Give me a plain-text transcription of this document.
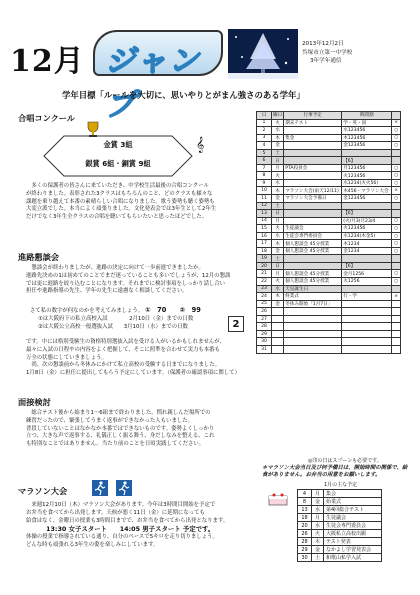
12月 ジャンプ
2013年12月2日
呉塚市立第一中学校
3年学年通信
学年目標「ルールを大切に、思いやりとがまん強さのある学年」
合唱コンクール
金賞 3組
銀賞 6組・銅賞 9組
𝄞
　多くの保護者の皆さんに来ていただき、中学校生活最後の合唱コンクール
が終わりました。表彰された3クラスはもちろんのこと、どのクラスも様々な
課題を乗り越えて本番の素晴らしい合唱になりました。歌う姿勢も聴く姿勢も
大変立派でした。本当によく頑張りました。文化発表会では3年生として2年生
だけでなく3年生全クラスの合唱を聴いてもらいたいと思ったほどでした。
進路懇談会
　懇談会が終わりましたが、進路の決定に向けて一歩前進できましたか。
進路先決めの1は初めてのことでまだ迷っていることも多いでしょうが、12月の懇談
では更に進路を絞り込むことになります。それまでに検討事項をしっかり話し合い
担任や進路指導の先生、学年の先生に遠慮なく相談してください。
さて私の数字が何なのかを考えてみましょう。 ①　70　　②　99
①は大阪府下の私立高校入試　　　　2月10日（金）までの日数
②は大阪公立高校一般選抜入試　　3月10日（水）までの日数	2
です。中には格別受験生の資格特別選抜入試を受ける人がいるかもしれませんが、
最々に入試の日程やの内容をよく把握して、そこに照準を合わせて実力も本番も
万全の状態にしていきましょう。
　尚、次の懇談前から冬休みにかけて私立高校の受験する日までになりました。
1月8日（金）に担任に提出してもらう予定にしています。（保護者の確認事項に関して）
面接検討
　総合テスト後から始まり1〜6組まで終わりました。慣れ親しんだ場所での
練習だったので、緊張してうまく返事ができなかった人もいました。
普段していないことはなかなか本番ではできないものです。姿勢よくしっかり
立つ、大きな声で返事する、礼儀正しく振る舞う、身だしなみを整える、これ
も特別なことではありません。当たり前のことを日頃実践してください。
マラソン大会
　来週12月10日（木）マラソン大会があります。今年は3時間目開始を予定で
お弁当を食べてから出発します。天候が悪く11日（金）に延期になっても
給食はなく、金曜日の授業も3時間目までで、お弁当を食べてから出発となります。
13:30 女子スタート　　 14:05 男子スタート 予定です。
体操の授業で指導されている通り、自分のペースで5キロを走り切りましょう。
どんな時も頑張れる3年生の姿を楽しみにしています。
日	曜日	行事予定	時間割	
1	火	期末テスト	学・英・国	×
2	水		水123456	○
3	木	集金	木123456	○
4	金		金123456	○
5	土			
6	日		【6】	
7	月	PTA役員会	月123456	○
8	火		火123456	○
9	水		水1234(火火56)	○
10	木	マラソン大会(雨天12/11)	木456・マラソン大会	×
11	金	マラソン大会予備日	金123456	○
12	土			
13	日		【6】	
14	月		(火/月3)月23/4	○
15	火	生徒議会	火123456	○
16	水	生徒会専門委員会	水1234(木金5)	○
17	木	個人懇談会 45分授業	木1234	○
18	金	個人懇談会 45分授業	金1234	○
19	土			
20	日		【6】	
21	月	個人懇談会 45分授業	金月1256	○
22	火	個人懇談会 45分授業	火1256	○
23	水	天皇誕生日		
24	木	終業式	行・学	×
25	金	冬休み開始「1月7日」		
26				
27				
28				
29				
30				
31				
◎印の日はスプーンも必要です。
＊マラソン大会当日及び何予備日は、開始時間の関係で、給食がありません。お弁当の用意をお願いします。
1月の主な予定
4	月	集会
8	金	始業式
13	水	第4回総合テスト
18	月	生徒議会
20	水	生徒会専門委員会
26	火	大阪私立高校出願
28	木	テスト発表
29	金	なかよし学習発表会
30	土	和歌山私学入試
